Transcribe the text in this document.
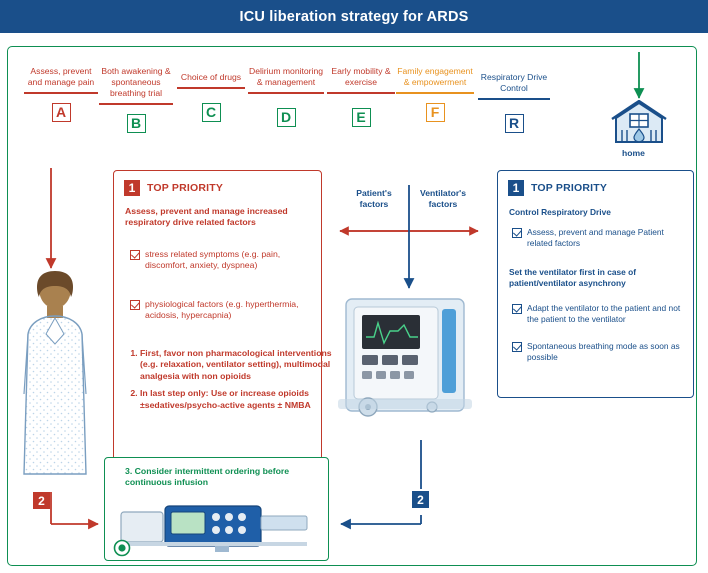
ICU liberation strategy for ARDS
Assess, prevent and manage pain
A
Both awakening & spontaneous breathing trial
B
Choice of drugs
C
Delirium monitoring & management
D
Early mobility & exercise
E
Family engagement & empowerment
F
Respiratory Drive Control
R
home
1	TOP PRIORITY
Assess, prevent and manage increased respiratory drive related factors
stress related symptoms (e.g. pain, discomfort, anxiety, dyspnea)
physiological factors (e.g. hyperthermia, acidosis, hypercapnia)
1. First, favor non pharmacological interventions (e.g. relaxation, ventilator setting), multimodal analgesia with non opioids
2. In last step only: Use or increase opioids ±sedatives/psycho-active agents ± NMBA
3. Consider intermittent ordering before continuous infusion
2	2
Patient's factors
Ventilator's factors
1	TOP PRIORITY
Control Respiratory Drive
Assess, prevent and manage Patient related factors
Set the ventilator first in case of patient/ventilator asynchrony
Adapt the ventilator to the patient and not the patient to the ventilator
Spontaneous breathing mode as soon as possible
